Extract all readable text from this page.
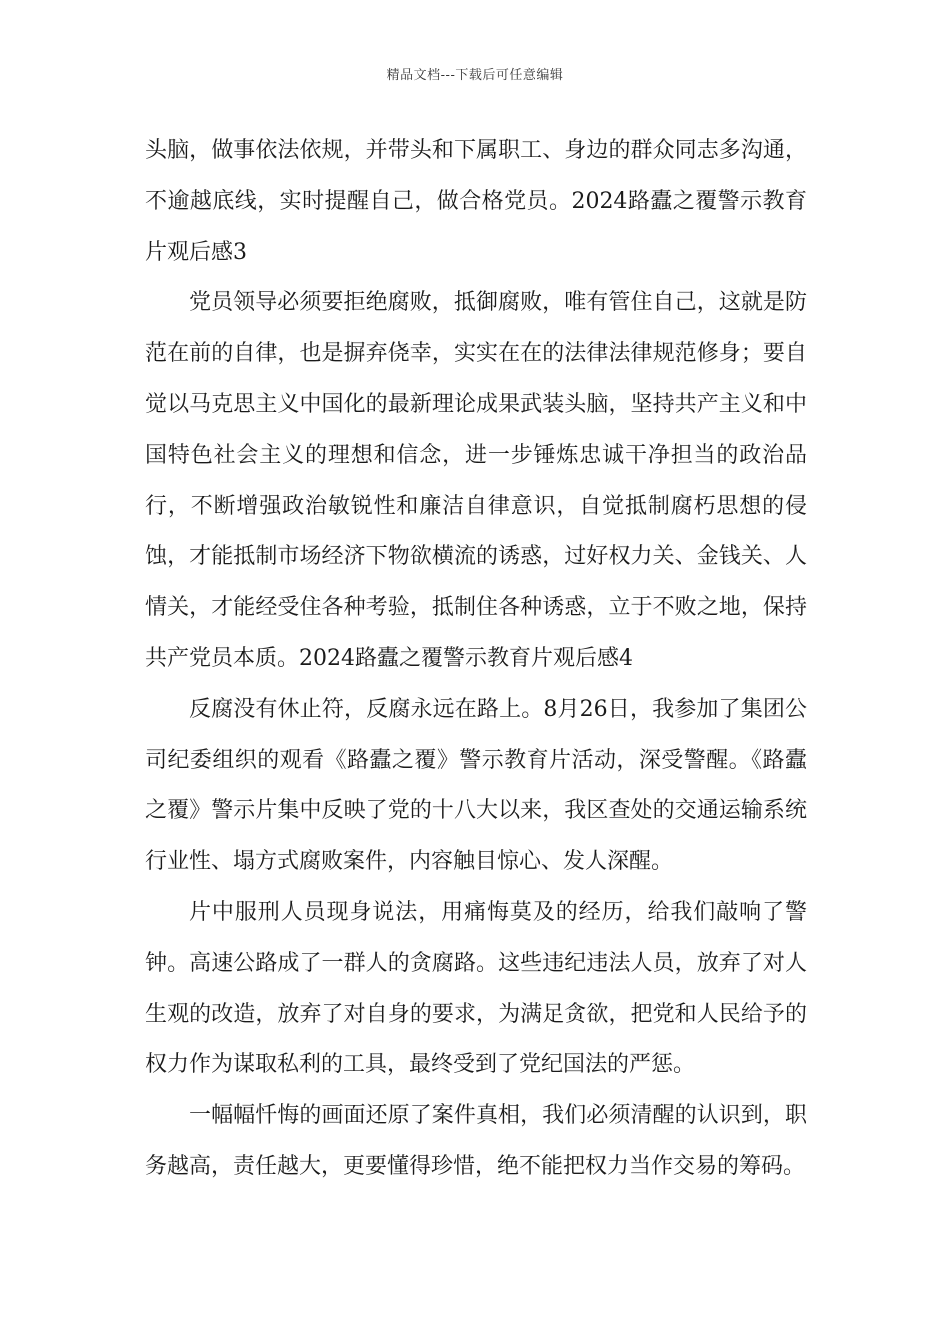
精品文档---下载后可任意编辑

头脑，做事依法依规，并带头和下属职工、身边的群众同志多沟通，不逾越底线，实时提醒自己，做合格党员。2024路蠹之覆警示教育片观后感3

党员领导必须要拒绝腐败，抵御腐败，唯有管住自己，这就是防范在前的自律，也是摒弃侥幸，实实在在的法律法律规范修身；要自觉以马克思主义中国化的最新理论成果武装头脑，坚持共产主义和中国特色社会主义的理想和信念，进一步锤炼忠诚干净担当的政治品行，不断增强政治敏锐性和廉洁自律意识，自觉抵制腐朽思想的侵蚀，才能抵制市场经济下物欲横流的诱惑，过好权力关、金钱关、人情关，才能经受住各种考验，抵制住各种诱惑，立于不败之地，保持共产党员本质。2024路蠹之覆警示教育片观后感4

反腐没有休止符，反腐永远在路上。8月26日，我参加了集团公司纪委组织的观看《路蠹之覆》警示教育片活动，深受警醒。《路蠹之覆》警示片集中反映了党的十八大以来，我区查处的交通运输系统行业性、塌方式腐败案件，内容触目惊心、发人深醒。

片中服刑人员现身说法，用痛悔莫及的经历，给我们敲响了警钟。高速公路成了一群人的贪腐路。这些违纪违法人员，放弃了对人生观的改造，放弃了对自身的要求，为满足贪欲，把党和人民给予的权力作为谋取私利的工具，最终受到了党纪国法的严惩。

一幅幅忏悔的画面还原了案件真相，我们必须清醒的认识到，职务越高，责任越大，更要懂得珍惜，绝不能把权力当作交易的筹码。
